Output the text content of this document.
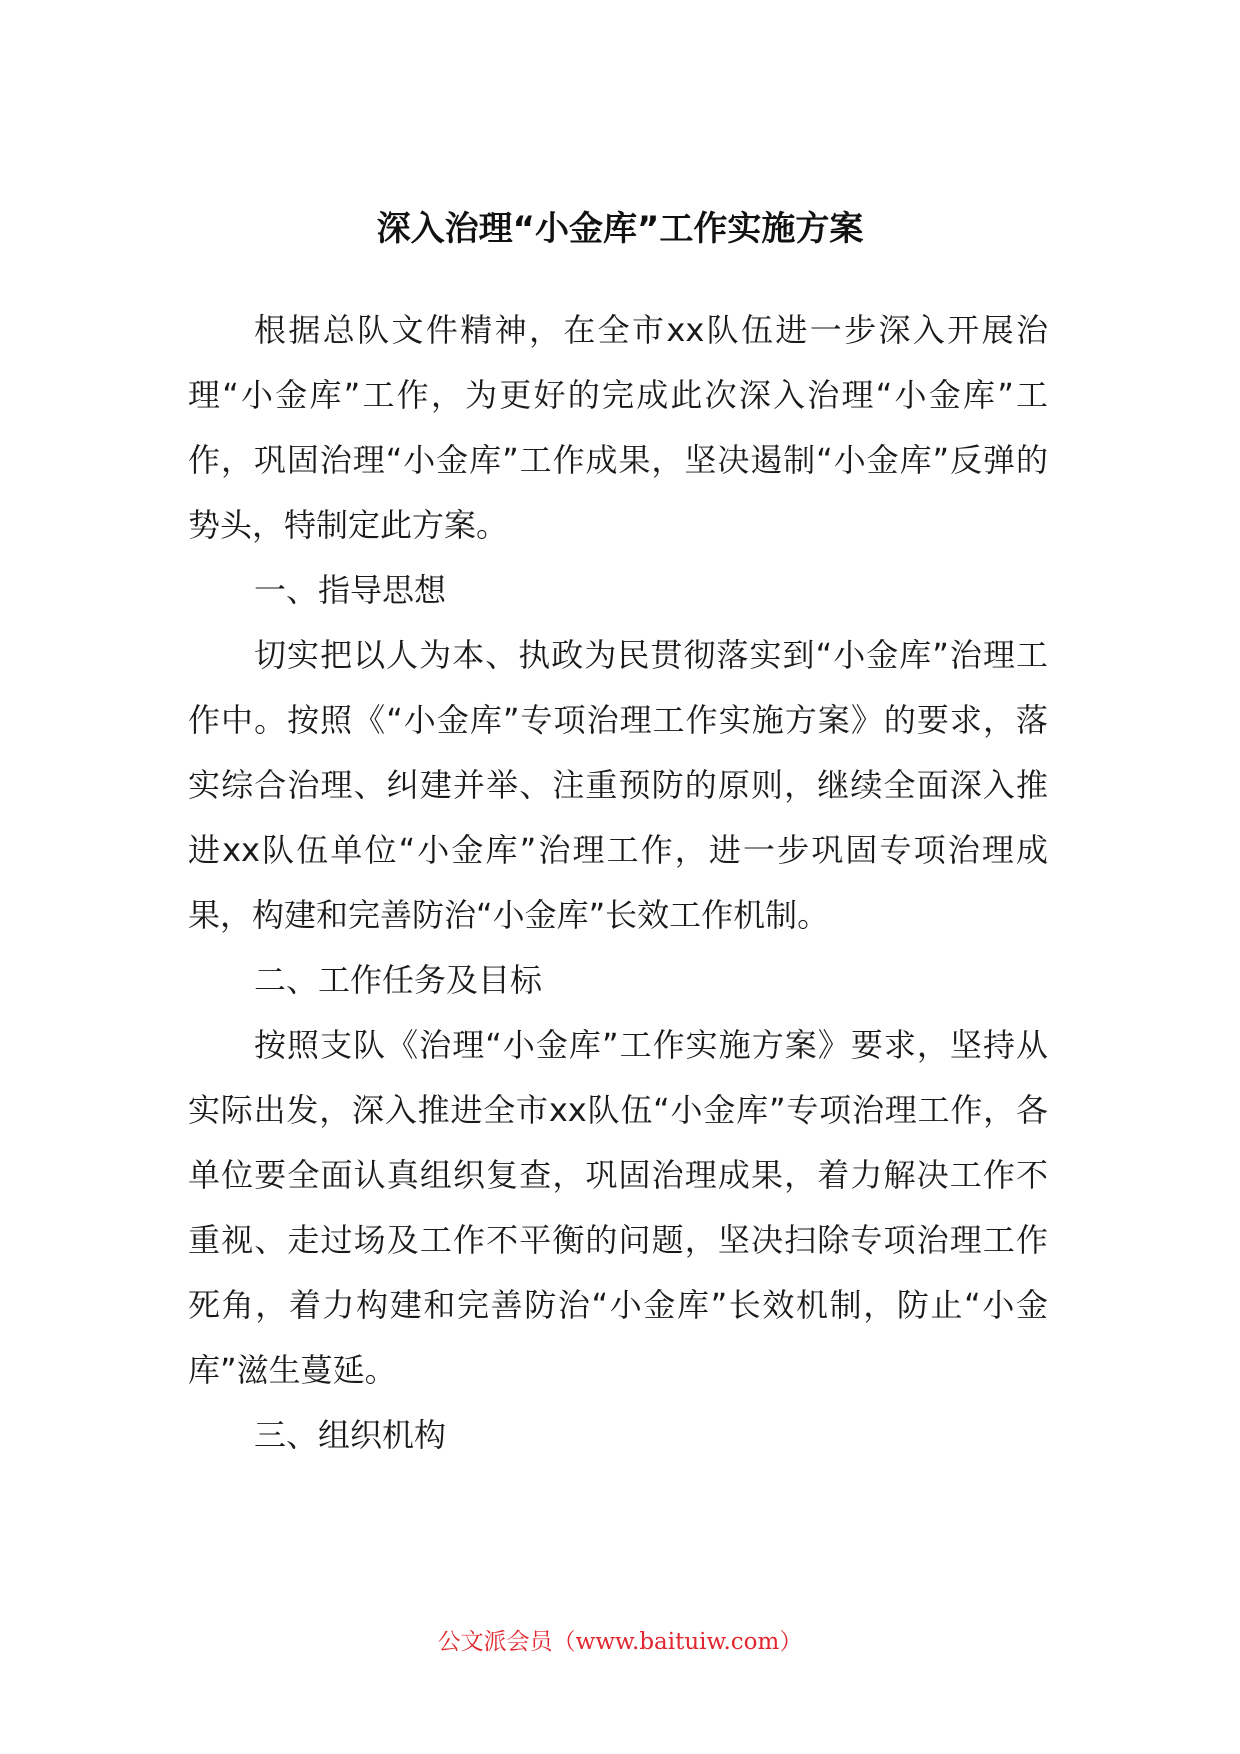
深入治理“小金库”工作实施方案

根据总队文件精神，在全市xx队伍进一步深入开展治理“小金库”工作，为更好的完成此次深入治理“小金库”工作，巩固治理“小金库”工作成果，坚决遏制“小金库”反弹的势头，特制定此方案。

一、指导思想

切实把以人为本、执政为民贯彻落实到“小金库”治理工作中。按照《“小金库”专项治理工作实施方案》的要求，落实综合治理、纠建并举、注重预防的原则，继续全面深入推进xx队伍单位“小金库”治理工作，进一步巩固专项治理成果，构建和完善防治“小金库”长效工作机制。

二、工作任务及目标

按照支队《治理“小金库”工作实施方案》要求，坚持从实际出发，深入推进全市xx队伍“小金库”专项治理工作，各单位要全面认真组织复查，巩固治理成果，着力解决工作不重视、走过场及工作不平衡的问题，坚决扫除专项治理工作死角，着力构建和完善防治“小金库”长效机制，防止“小金库”滋生蔓延。

三、组织机构

公文派会员（www.baituiw.com）
